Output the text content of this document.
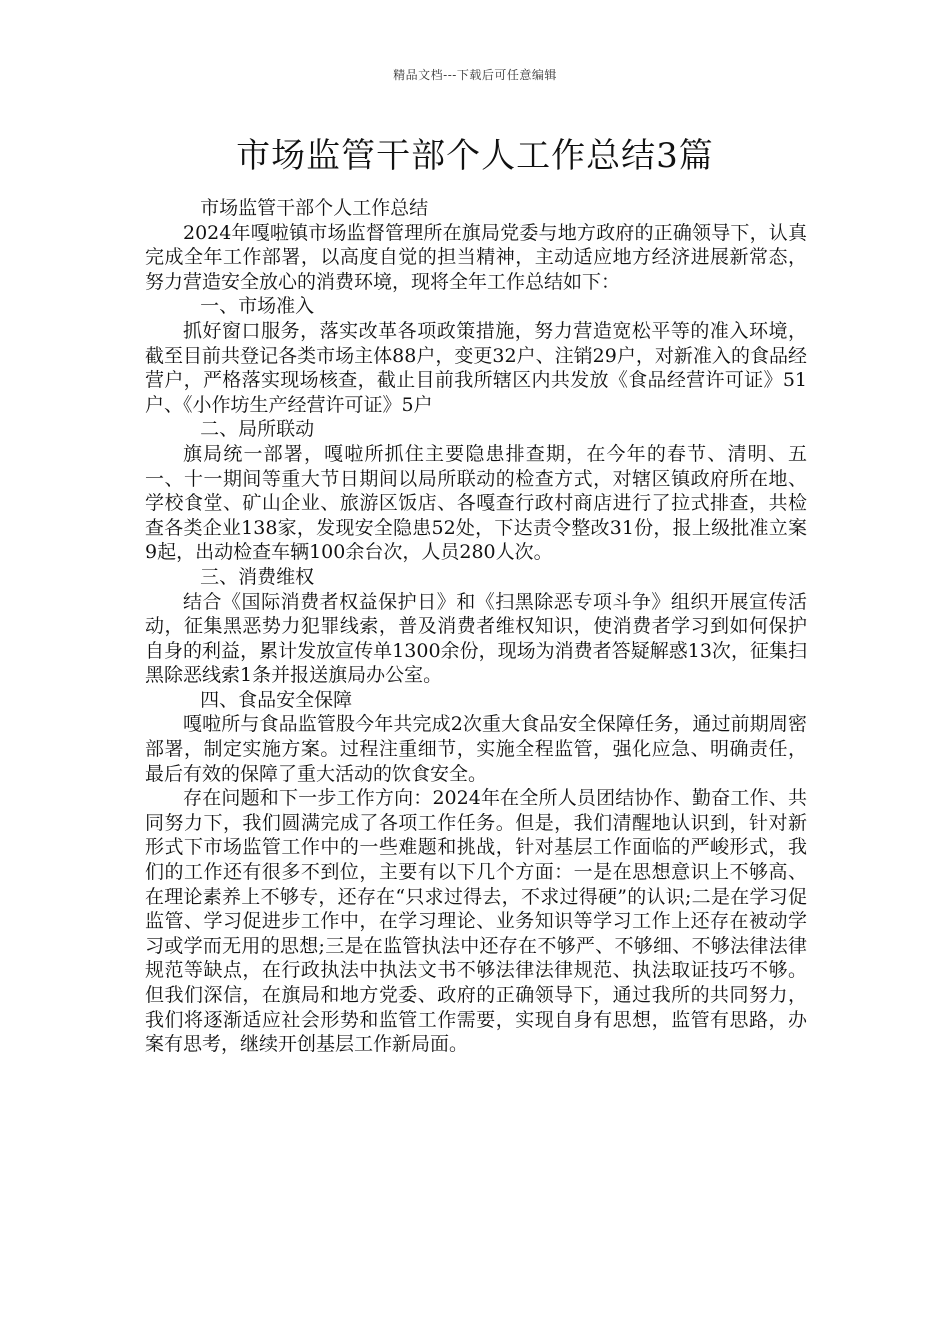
精品文档---下载后可任意编辑
市场监管干部个人工作总结3篇

市场监管干部个人工作总结

2024年嘎啦镇市场监督管理所在旗局党委与地方政府的正确领导下，认真完成全年工作部署，以高度自觉的担当精神，主动适应地方经济进展新常态，努力营造安全放心的消费环境，现将全年工作总结如下：

一、市场准入

抓好窗口服务，落实改革各项政策措施，努力营造宽松平等的准入环境，截至目前共登记各类市场主体88户，变更32户、注销29户，对新准入的食品经营户，严格落实现场核查，截止目前我所辖区内共发放《食品经营许可证》51户、《小作坊生产经营许可证》5户

二、局所联动

旗局统一部署，嘎啦所抓住主要隐患排查期，在今年的春节、清明、五一、十一期间等重大节日期间以局所联动的检查方式，对辖区镇政府所在地、学校食堂、矿山企业、旅游区饭店、各嘎查行政村商店进行了拉式排查，共检查各类企业138家，发现安全隐患52处，下达责令整改31份，报上级批准立案9起，出动检查车辆100余台次，人员280人次。

三、消费维权

结合《国际消费者权益保护日》和《扫黑除恶专项斗争》组织开展宣传活动，征集黑恶势力犯罪线索，普及消费者维权知识，使消费者学习到如何保护自身的利益，累计发放宣传单1300余份，现场为消费者答疑解惑13次，征集扫黑除恶线索1条并报送旗局办公室。

四、食品安全保障

嘎啦所与食品监管股今年共完成2次重大食品安全保障任务，通过前期周密部署，制定实施方案。过程注重细节，实施全程监管，强化应急、明确责任，最后有效的保障了重大活动的饮食安全。

存在问题和下一步工作方向：2024年在全所人员团结协作、勤奋工作、共同努力下，我们圆满完成了各项工作任务。但是，我们清醒地认识到，针对新形式下市场监管工作中的一些难题和挑战，针对基层工作面临的严峻形式，我们的工作还有很多不到位，主要有以下几个方面：一是在思想意识上不够高、在理论素养上不够专，还存在“只求过得去，不求过得硬”的认识;二是在学习促监管、学习促进步工作中，在学习理论、业务知识等学习工作上还存在被动学习或学而无用的思想;三是在监管执法中还存在不够严、不够细、不够法律法律规范等缺点，在行政执法中执法文书不够法律法律规范、执法取证技巧不够。但我们深信，在旗局和地方党委、政府的正确领导下，通过我所的共同努力，我们将逐渐适应社会形势和监管工作需要，实现自身有思想，监管有思路，办案有思考，继续开创基层工作新局面。
